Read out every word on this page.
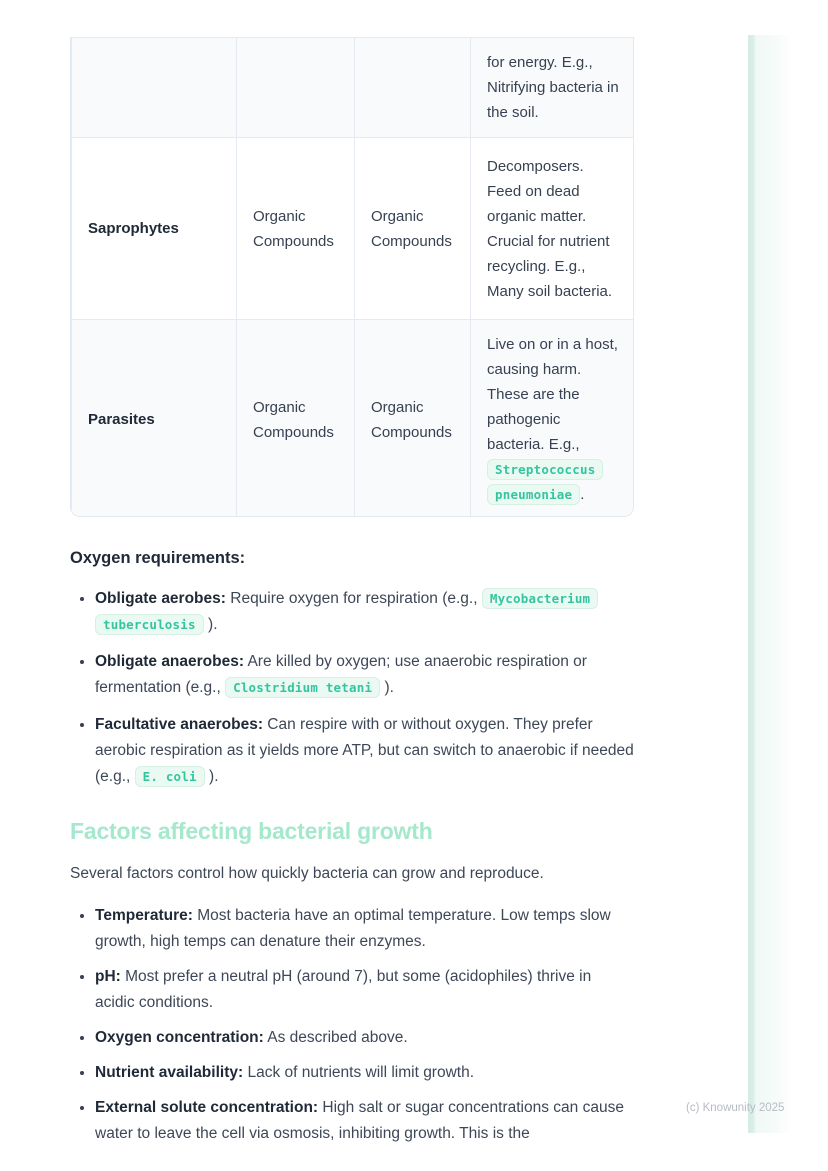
(c) Knowunity 2025
			for energy. E.g., Nitrifying bacteria in the soil.
Saprophytes	Organic Compounds	Organic Compounds	Decomposers. Feed on dead organic matter. Crucial for nutrient recycling. E.g., Many soil bacteria.
Parasites	Organic Compounds	Organic Compounds	Live on or in a host, causing harm. These are the pathogenic bacteria. E.g., Streptococcus pneumoniae .
Oxygen requirements:
• Obligate aerobes: Require oxygen for respiration (e.g., Mycobacterium tuberculosis ).
• Obligate anaerobes: Are killed by oxygen; use anaerobic respiration or fermentation (e.g., Clostridium tetani ).
• Facultative anaerobes: Can respire with or without oxygen. They prefer aerobic respiration as it yields more ATP, but can switch to anaerobic if needed (e.g., E. coli ).
Factors affecting bacterial growth

Several factors control how quickly bacteria can grow and reproduce.

• Temperature: Most bacteria have an optimal temperature. Low temps slow growth, high temps can denature their enzymes.
• pH: Most prefer a neutral pH (around 7), but some (acidophiles) thrive in acidic conditions.
• Oxygen concentration: As described above.
• Nutrient availability: Lack of nutrients will limit growth.
• External solute concentration: High salt or sugar concentrations can cause water to leave the cell via osmosis, inhibiting growth. This is the
